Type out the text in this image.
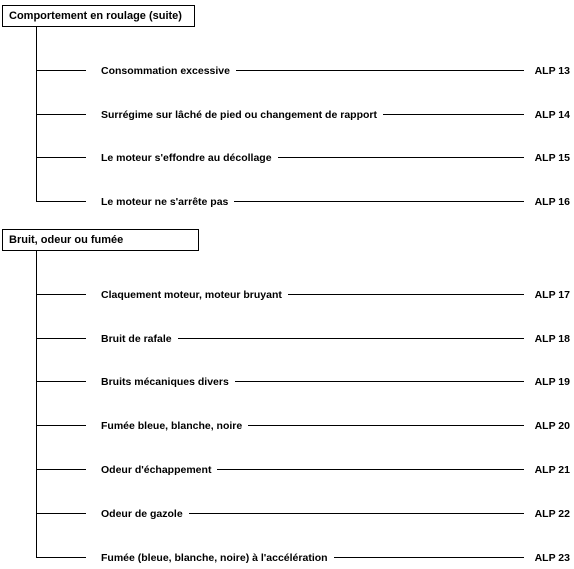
Comportement en roulage (suite)
Consommation excessive	ALP 13
Surrégime sur lâché de pied ou changement de rapport	ALP 14
Le moteur s'effondre au décollage	ALP 15
Le moteur ne s'arrête pas	ALP 16
Bruit, odeur ou fumée
Claquement moteur, moteur bruyant	ALP 17
Bruit de rafale	ALP 18
Bruits mécaniques divers	ALP 19
Fumée bleue, blanche, noire	ALP 20
Odeur d'échappement	ALP 21
Odeur de gazole	ALP 22
Fumée (bleue, blanche, noire) à l'accélération	ALP 23
